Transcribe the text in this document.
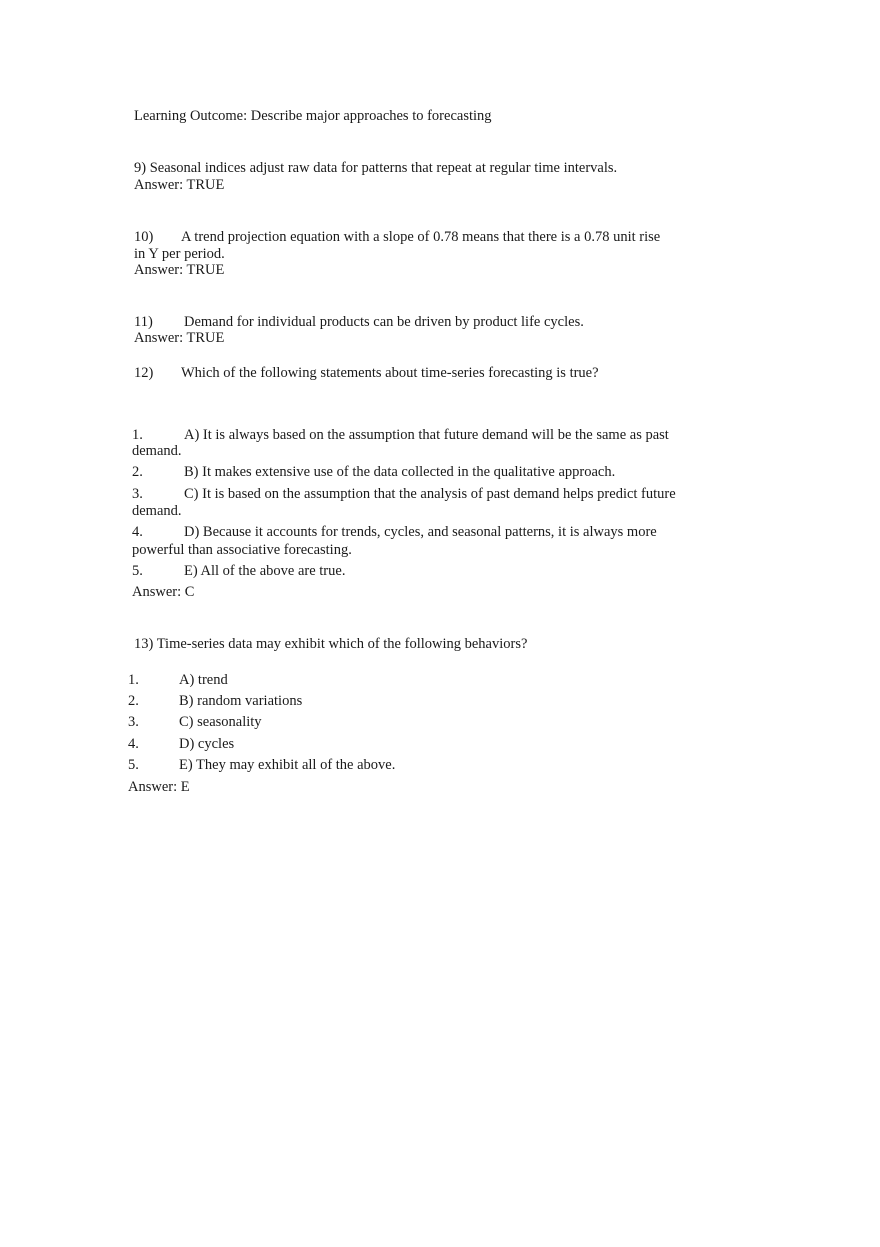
Learning Outcome: Describe major approaches to forecasting
9) Seasonal indices adjust raw data for patterns that repeat at regular time intervals.
Answer: TRUE
10) A trend projection equation with a slope of 0.78 means that there is a 0.78 unit rise
in Y per period.
Answer: TRUE
11) Demand for individual products can be driven by product life cycles.
Answer: TRUE
12) Which of the following statements about time-series forecasting is true?
1.	A) It is always based on the assumption that future demand will be the same as past
demand.
2.	B) It makes extensive use of the data collected in the qualitative approach.
3.	C) It is based on the assumption that the analysis of past demand helps predict future
demand.
4.	D) Because it accounts for trends, cycles, and seasonal patterns, it is always more
powerful than associative forecasting.
5.	E) All of the above are true.
Answer: C
13) Time-series data may exhibit which of the following behaviors?
1.	A) trend
2.	B) random variations
3.	C) seasonality
4.	D) cycles
5.	E) They may exhibit all of the above.
Answer: E
